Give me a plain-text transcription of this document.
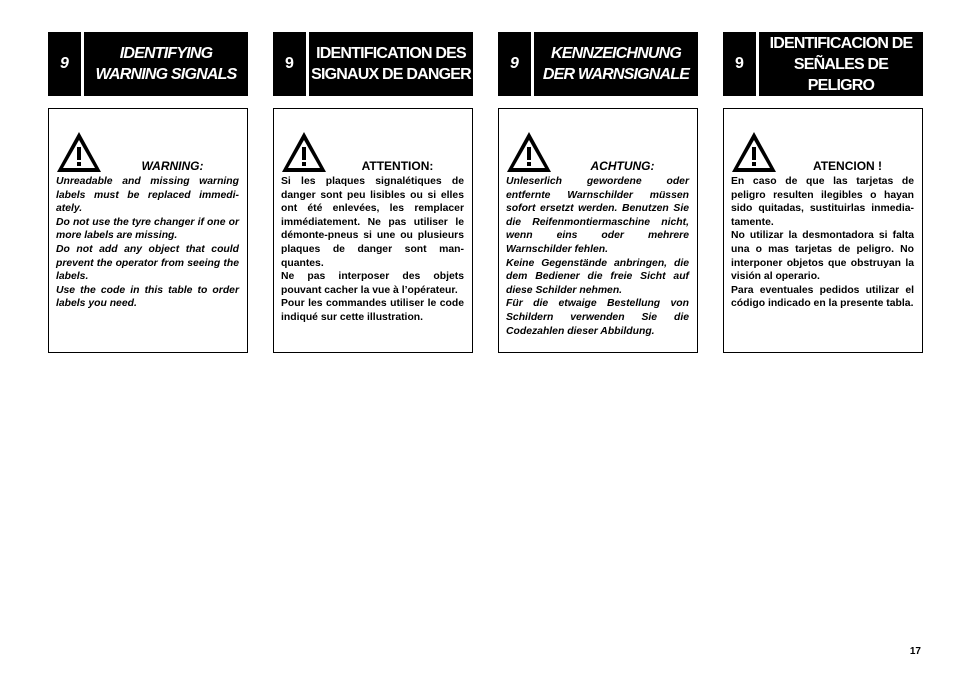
9
IDENTIFYING WARNING SIGNALS
WARNING:

Unreadable and missing warning labels must be replaced immedi-ately.

Do not use the tyre changer if one or more labels are missing.

Do not add any object that could prevent the operator from seeing the labels.

Use the code in this table to order labels you need.

9
IDENTIFICATION DES SIGNAUX DE DANGER
ATTENTION:

Si les plaques signalétiques de danger sont peu lisibles ou si elles ont été enlevées, les remplacer immédiatement. Ne pas utiliser le démonte-pneus si une ou plusieurs plaques de danger sont man-quantes.

Ne pas interposer des objets pouvant cacher la vue à l’opérateur.

Pour les commandes utiliser le code indiqué sur cette illustration.

9
KENNZEICHNUNG DER WARNSIGNALE
ACHTUNG:

Unleserlich gewordene oder entfernte Warnschilder müssen sofort ersetzt werden. Benutzen Sie die Reifenmontiermaschine nicht, wenn eins oder mehrere Warnschilder fehlen.

Keine Gegenstände anbringen, die dem Bediener die freie Sicht auf diese Schilder nehmen.

Für die etwaige Bestellung von Schildern verwenden Sie die Codezahlen dieser Abbildung.

9
IDENTIFICACION DE SEÑALES DE PELIGRO
ATENCION !

En caso de que las tarjetas de peligro resulten ilegibles o hayan sido quitadas, sustituirlas inmedia-tamente.

No utilizar la desmontadora si falta una o mas tarjetas de peligro. No interponer objetos que obstruyan la visión al operario.

Para eventuales pedidos utilizar el código indicado en la presente tabla.

17
